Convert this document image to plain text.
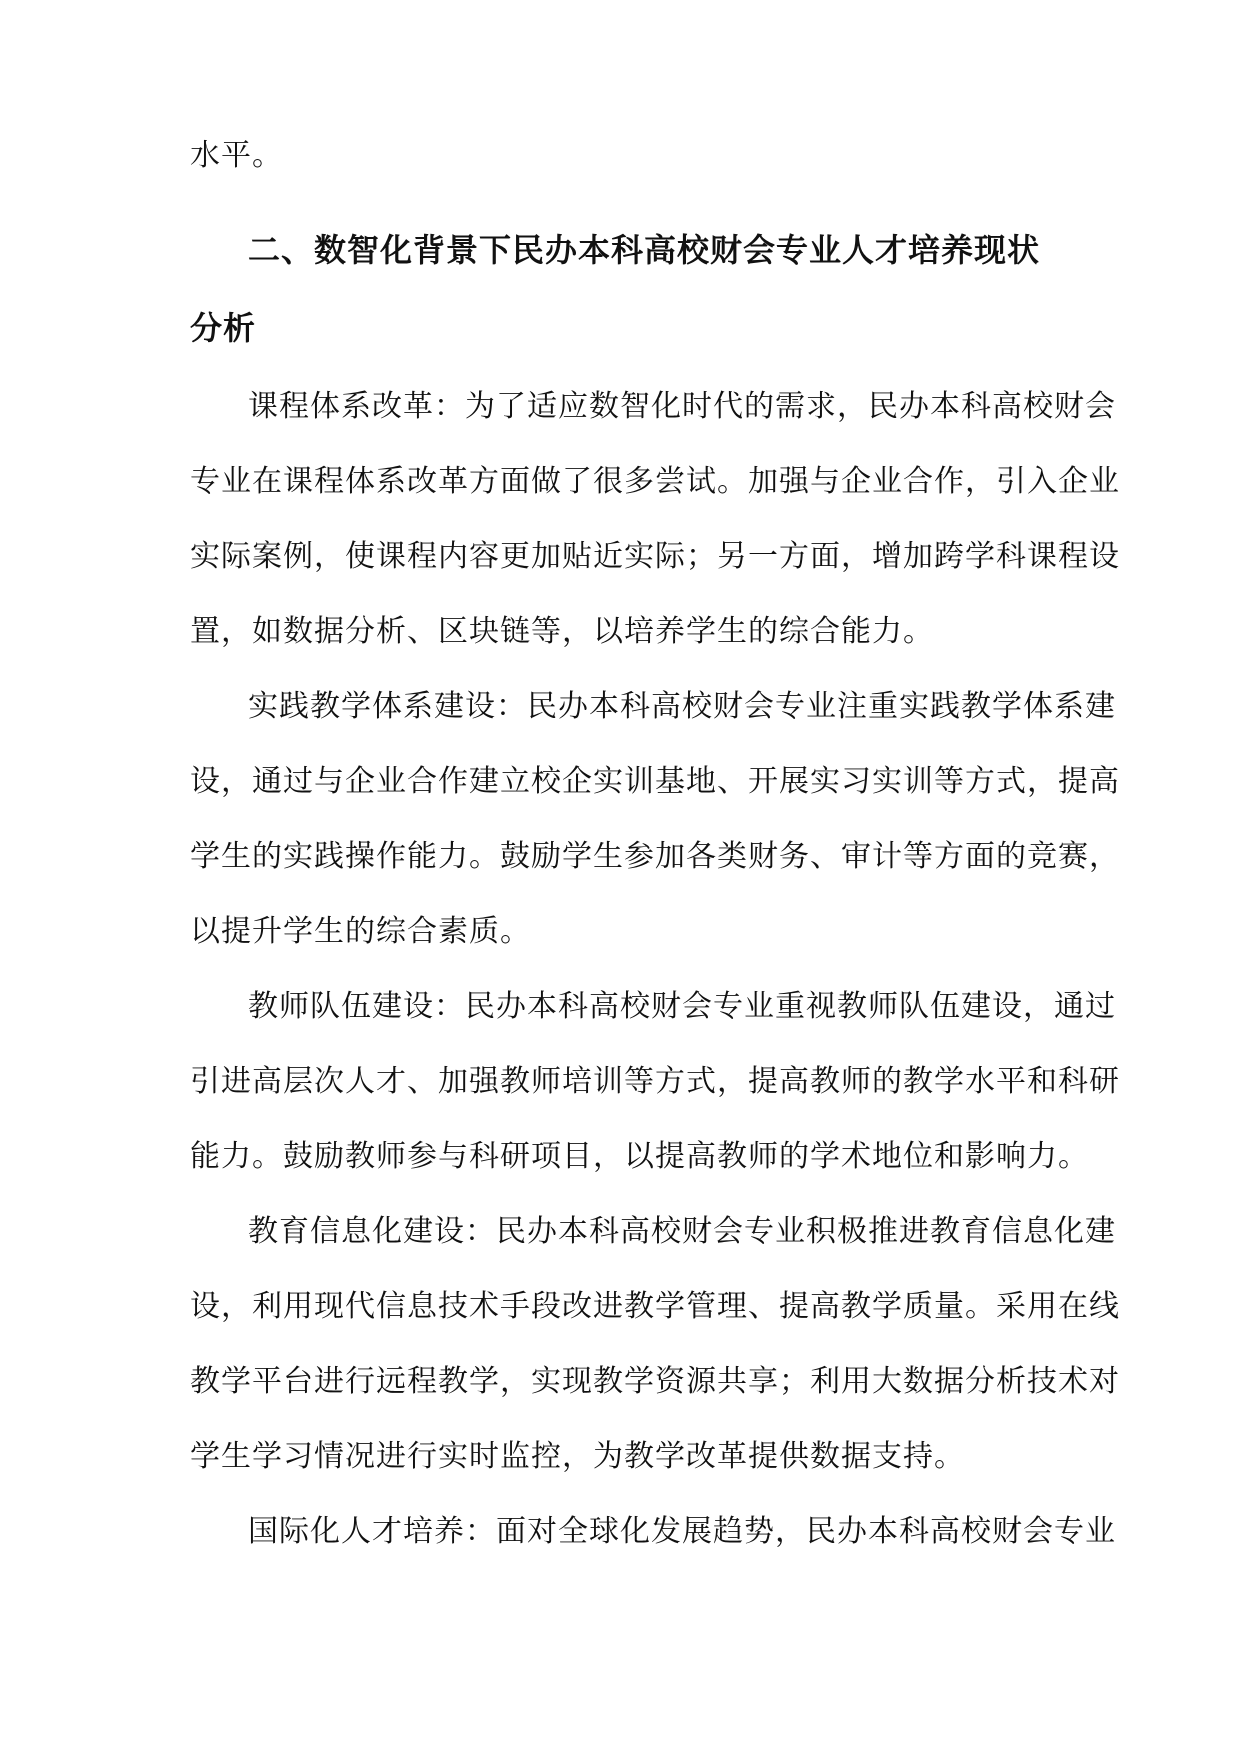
水平。
二、数智化背景下民办本科高校财会专业人才培养现状
分析
课程体系改革：为了适应数智化时代的需求，民办本科高校财会
专业在课程体系改革方面做了很多尝试。加强与企业合作，引入企业
实际案例，使课程内容更加贴近实际；另一方面，增加跨学科课程设
置，如数据分析、区块链等，以培养学生的综合能力。
实践教学体系建设：民办本科高校财会专业注重实践教学体系建
设，通过与企业合作建立校企实训基地、开展实习实训等方式，提高
学生的实践操作能力。鼓励学生参加各类财务、审计等方面的竞赛，
以提升学生的综合素质。
教师队伍建设：民办本科高校财会专业重视教师队伍建设，通过
引进高层次人才、加强教师培训等方式，提高教师的教学水平和科研
能力。鼓励教师参与科研项目，以提高教师的学术地位和影响力。
教育信息化建设：民办本科高校财会专业积极推进教育信息化建
设，利用现代信息技术手段改进教学管理、提高教学质量。采用在线
教学平台进行远程教学，实现教学资源共享；利用大数据分析技术对
学生学习情况进行实时监控，为教学改革提供数据支持。
国际化人才培养：面对全球化发展趋势，民办本科高校财会专业
